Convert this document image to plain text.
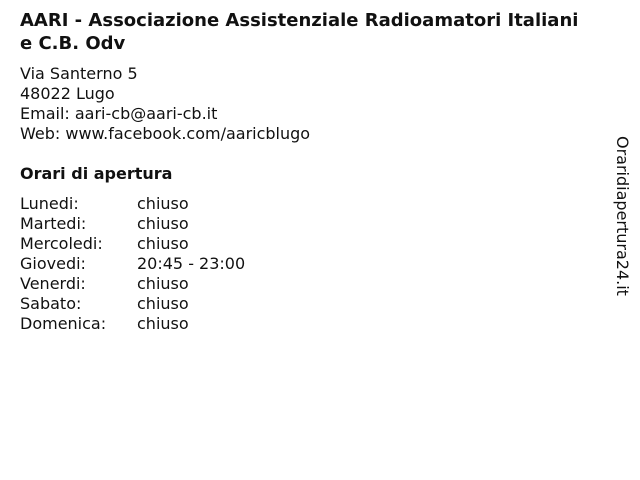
AARI - Associazione Assistenziale Radioamatori Italiani e C.B. Odv
Via Santerno 5
48022 Lugo
Email: aari-cb@aari-cb.it
Web: www.facebook.com/aaricblugo
Orari di apertura
Lunedi:	chiuso
Martedi:	chiuso
Mercoledi: chiuso
Giovedi:	20:45 - 23:00
Venerdi:	chiuso
Sabato:	chiuso
Domenica: chiuso
Oraridiapertura24.it
